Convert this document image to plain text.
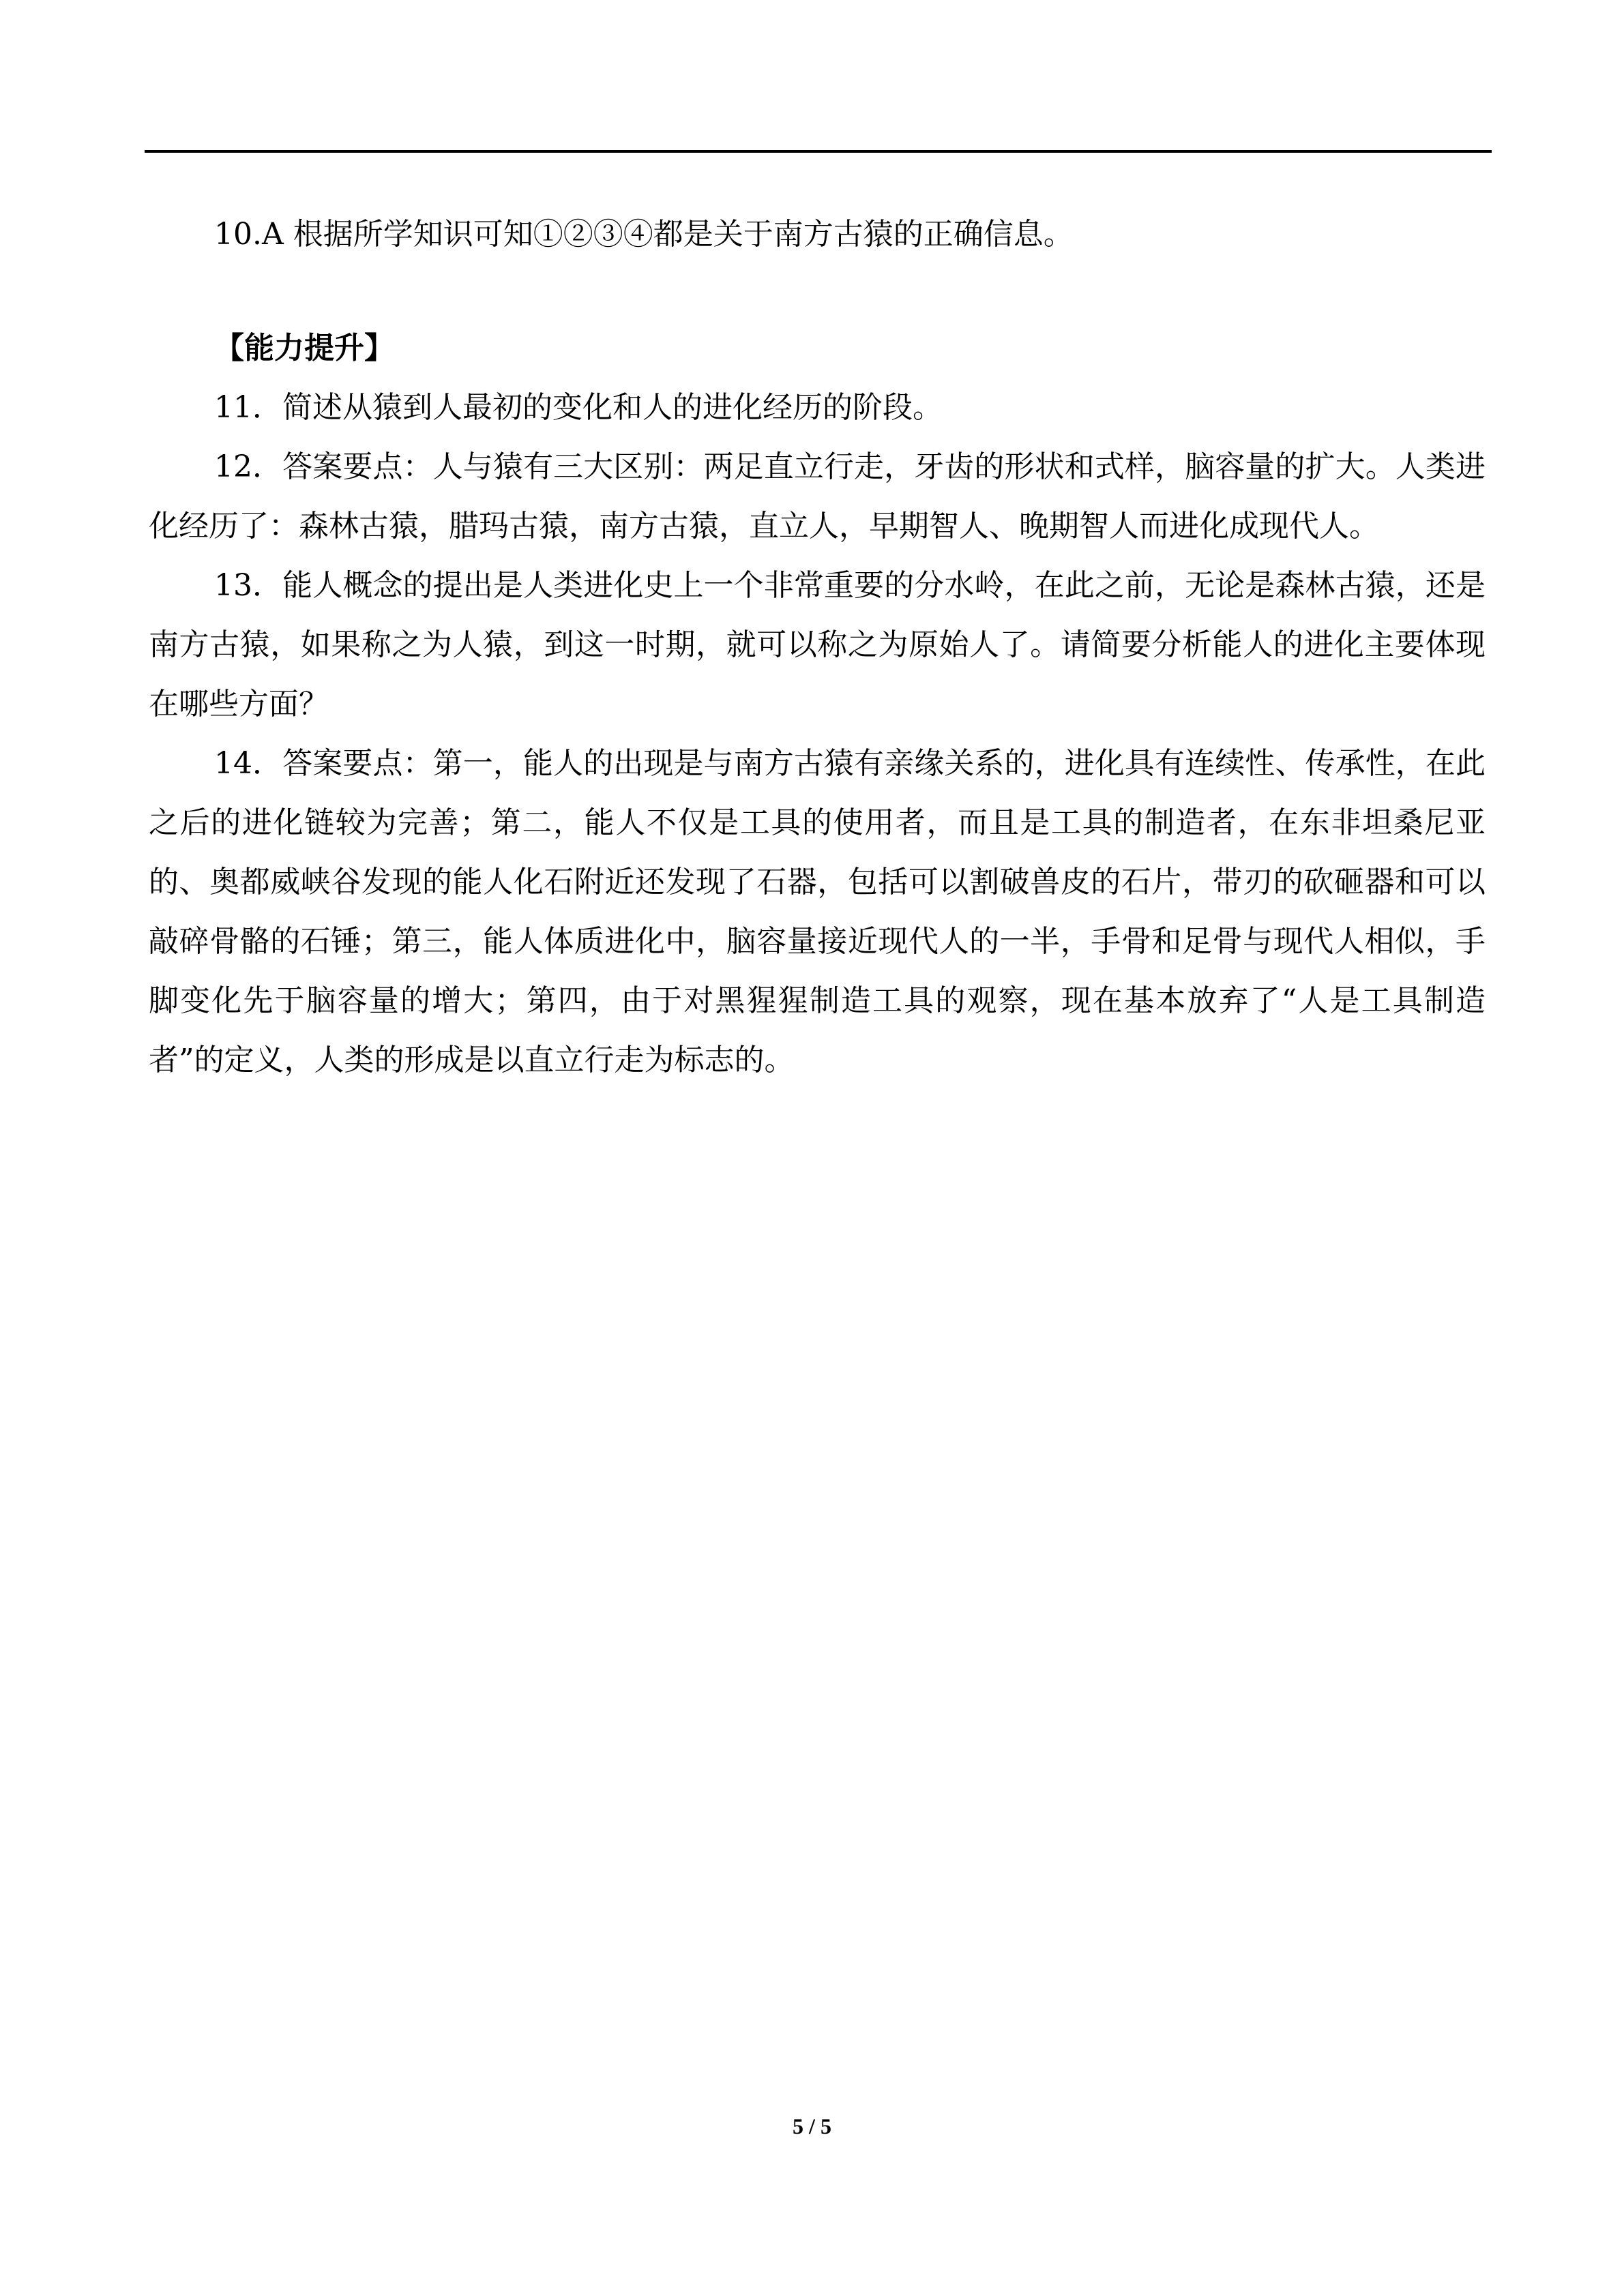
10.A 根据所学知识可知①②③④都是关于南方古猿的正确信息。

【能力提升】

11．简述从猿到人最初的变化和人的进化经历的阶段。

12．答案要点：人与猿有三大区别：两足直立行走，牙齿的形状和式样，脑容量的扩大。人类进化经历了：森林古猿，腊玛古猿，南方古猿，直立人，早期智人、晚期智人而进化成现代人。

13．能人概念的提出是人类进化史上一个非常重要的分水岭，在此之前，无论是森林古猿，还是南方古猿，如果称之为人猿，到这一时期，就可以称之为原始人了。请简要分析能人的进化主要体现在哪些方面？

14．答案要点：第一，能人的出现是与南方古猿有亲缘关系的，进化具有连续性、传承性，在此之后的进化链较为完善；第二，能人不仅是工具的使用者，而且是工具的制造者，在东非坦桑尼亚的、奥都威峡谷发现的能人化石附近还发现了石器，包括可以割破兽皮的石片，带刃的砍砸器和可以敲碎骨骼的石锤；第三，能人体质进化中，脑容量接近现代人的一半，手骨和足骨与现代人相似，手脚变化先于脑容量的增大；第四，由于对黑猩猩制造工具的观察，现在基本放弃了“人是工具制造者”的定义，人类的形成是以直立行走为标志的。

5 / 5
